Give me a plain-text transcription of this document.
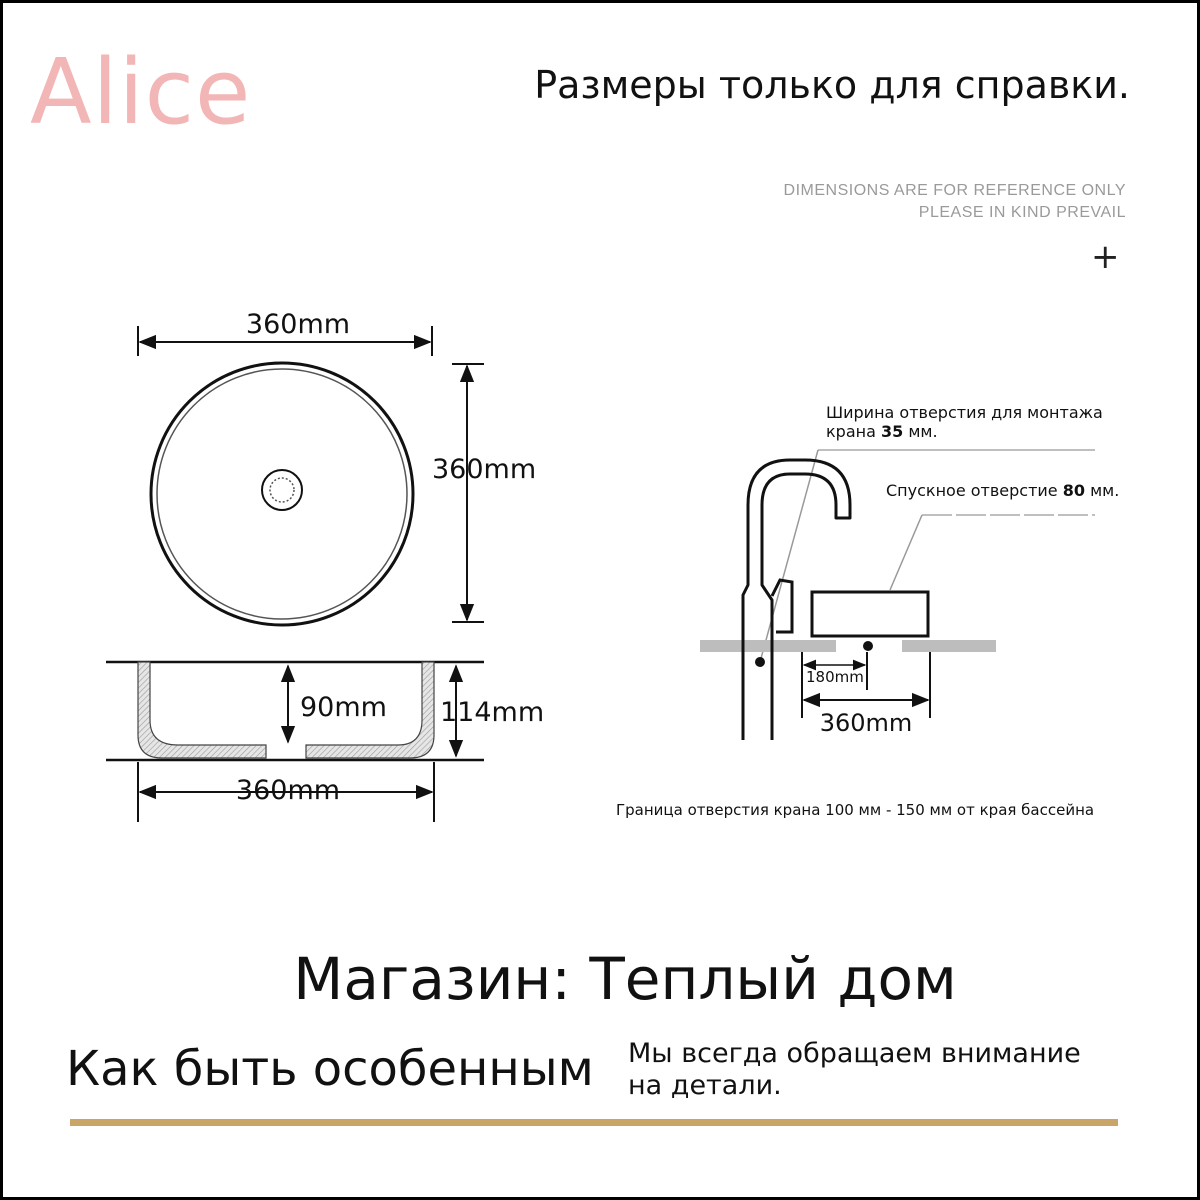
Alice	Размеры только для справки.
DIMENSIONS ARE FOR REFERENCE ONLY
PLEASE IN KIND PREVAIL
+
360mm
360mm
90mm 114mm
360mm
Ширина отверстия для монтажа
крана 35 мм.
Спускное отверстие 80 мм.
180mm
360mm
Граница отверстия крана 100 мм - 150 мм от края бассейна
Магазин: Теплый дом
Как быть особенным Мы всегда обращаем внимание
на детали.
